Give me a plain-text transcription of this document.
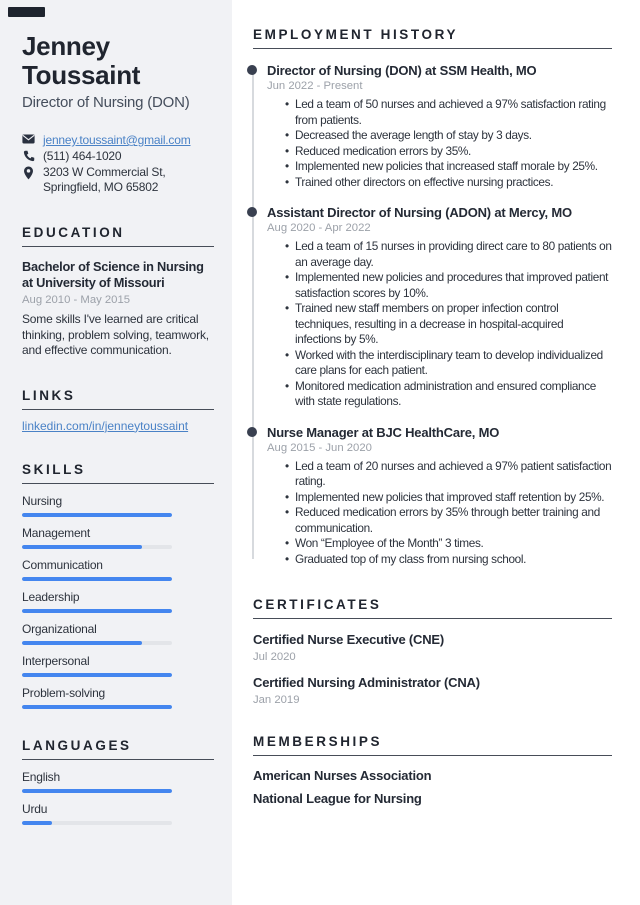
Jenney Toussaint
Director of Nursing (DON)
jenney.toussaint@gmail.com
(511) 464-1020
3203 W Commercial St, Springfield, MO 65802
EDUCATION
Bachelor of Science in Nursing at University of Missouri
Aug 2010 - May 2015

Some skills I've learned are critical thinking, problem solving, teamwork, and effective communication.

LINKS
linkedin.com/in/jenneytoussaint
SKILLS
Nursing
Management
Communication
Leadership
Organizational
Interpersonal
Problem-solving
LANGUAGES
English
Urdu
EMPLOYMENT HISTORY
Director of Nursing (DON) at SSM Health, MO
Jun 2022 - Present
• Led a team of 50 nurses and achieved a 97% satisfaction rating from patients.
• Decreased the average length of stay by 3 days.
• Reduced medication errors by 35%.
• Implemented new policies that increased staff morale by 25%.
• Trained other directors on effective nursing practices.
Assistant Director of Nursing (ADON) at Mercy, MO
Aug 2020 - Apr 2022
• Led a team of 15 nurses in providing direct care to 80 patients on an average day.
• Implemented new policies and procedures that improved patient satisfaction scores by 10%.
• Trained new staff members on proper infection control techniques, resulting in a decrease in hospital-acquired infections by 5%.
• Worked with the interdisciplinary team to develop individualized care plans for each patient.
• Monitored medication administration and ensured compliance with state regulations.
Nurse Manager at BJC HealthCare, MO
Aug 2015 - Jun 2020
• Led a team of 20 nurses and achieved a 97% patient satisfaction rating.
• Implemented new policies that improved staff retention by 25%.
• Reduced medication errors by 35% through better training and communication.
• Won “Employee of the Month” 3 times.
• Graduated top of my class from nursing school.
CERTIFICATES
Certified Nurse Executive (CNE)
Jul 2020
Certified Nursing Administrator (CNA)
Jan 2019
MEMBERSHIPS
American Nurses Association
National League for Nursing
